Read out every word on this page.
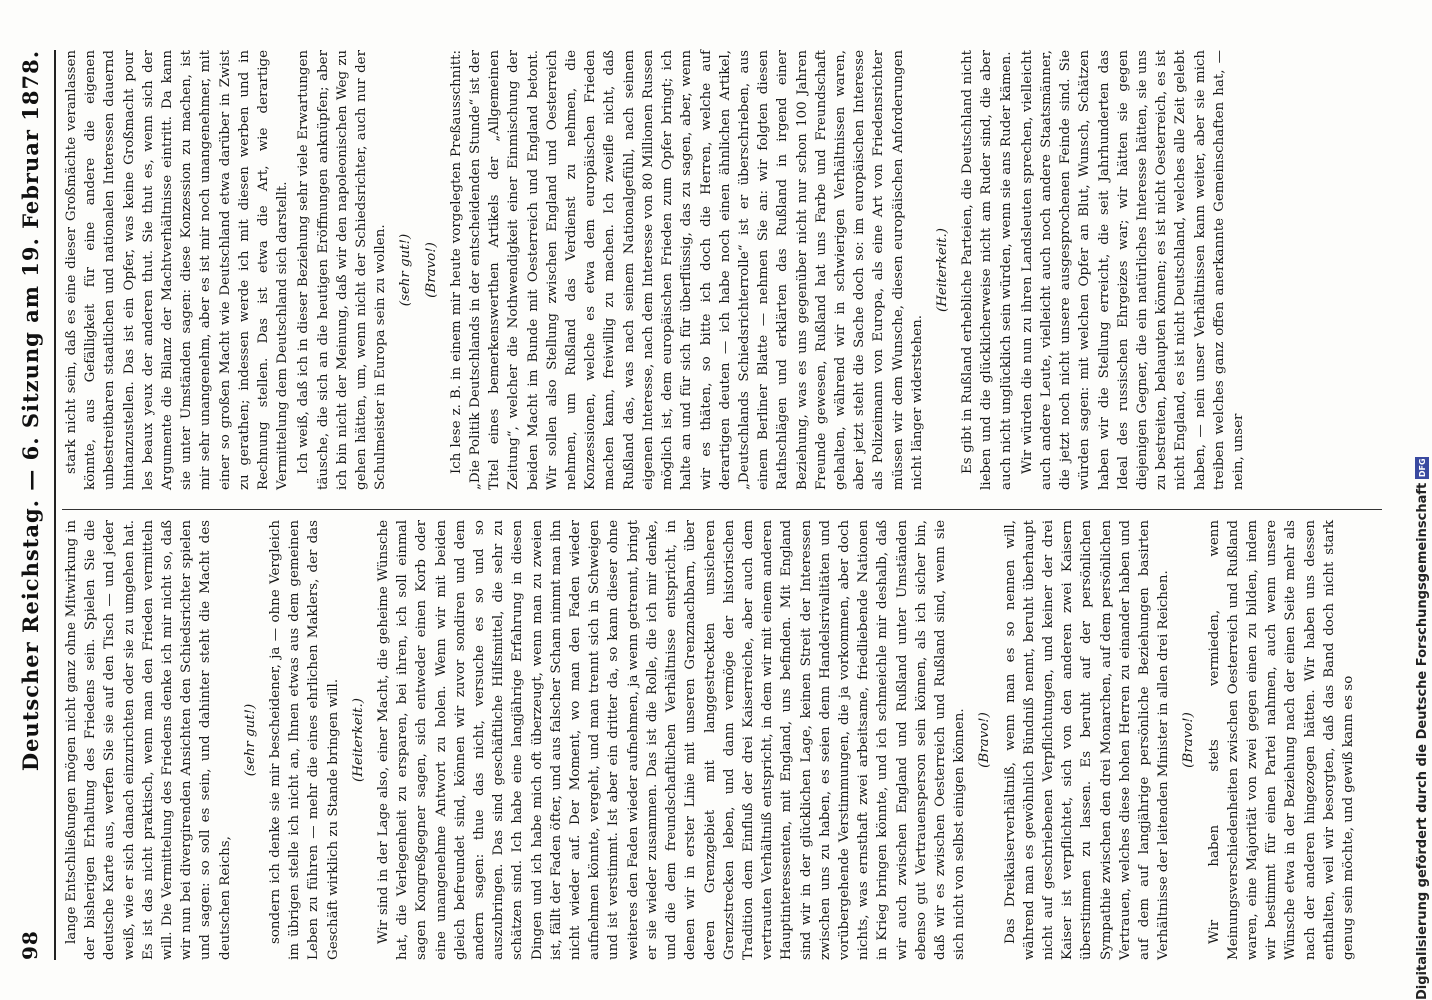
98
Deutscher Reichstag. — 6. Sitzung am 19. Februar 1878. lange Entschließungen mögen nicht ganz ohne Mitwirkung in der bisherigen Erhaltung des Friedens sein. Spielen Sie die deutsche Karte aus, werfen Sie sie auf den Tisch — und jeder weiß, wie er sich danach einzurichten oder sie zu umgehen hat. Es ist das nicht praktisch, wenn man den Frieden vermitteln will. Die Vermittelung des Friedens denke ich mir nicht so, daß wir nun bei divergirenden Ansichten den Schiedsrichter spielen und sagen: so soll es sein, und dahinter steht die Macht des deutschen Reichs,

(sehr gut!) sondern ich denke sie mir bescheidener, ja — ohne Vergleich im übrigen stelle ich nicht an, Ihnen etwas aus dem gemeinen Leben zu führen — mehr die eines ehrlichen Maklers, der das Geschäft wirklich zu Stande bringen will. (Heiterkeit.) Wir sind in der Lage also, einer Macht, die geheime Wünsche hat, die Verlegenheit zu ersparen, bei ihren, ich soll einmal sagen Kongreßgegner sagen, sich entweder einen Korb oder eine unangenehme Antwort zu holen. Wenn wir mit beiden gleich befreundet sind, können wir zuvor sondiren und dem andern sagen: thue das nicht, versuche es so und so auszubringen. Das sind geschäftliche Hilfsmittel, die sehr zu schätzen sind. Ich habe eine langjährige Erfahrung in diesen Dingen und ich habe mich oft überzeugt, wenn man zu zweien ist, fällt der Faden öfter, und aus falscher Scham nimmt man ihn nicht wieder auf. Der Moment, wo man den Faden wieder aufnehmen könnte, vergeht, und man trennt sich in Schweigen und ist verstimmt. Ist aber ein dritter da, so kann dieser ohne weiteres den Faden wieder aufnehmen, ja wenn getrennt, bringt er sie wieder zusammen. Das ist die Rolle, die ich mir denke, und die dem freundschaftlichen Verhältnisse entspricht, in denen wir in erster Linie mit unseren Grenznachbarn, über deren Grenzgebiet mit langgestreckten unsicheren Grenzstrecken leben, und dann vermöge der historischen Tradition dem Einfluß der drei Kaiserreiche, aber auch dem vertrauten Verhältniß entspricht, in dem wir mit einem anderen Hauptinteressenten, mit England, uns befinden. Mit England sind wir in der glücklichen Lage, keinen Streit der Interessen zwischen uns zu haben, es seien denn Handelsrivalitäten und vorübergehende Verstimmungen, die ja vorkommen, aber doch nichts, was ernsthaft zwei arbeitsame, friedliebende Nationen in Krieg bringen könnte, und ich schmeichle mir deshalb, daß wir auch zwischen England und Rußland unter Umständen ebenso gut Vertrauensperson sein können, als ich sicher bin, daß wir es zwischen Oesterreich und Rußland sind, wenn sie sich nicht von selbst einigen können. (Bravo!) Das Dreikaiserverhältniß, wenn man es so nennen will, während man es gewöhnlich Bündniß nennt, beruht überhaupt nicht auf geschriebenen Verpflichtungen, und keiner der drei Kaiser ist verpflichtet, sich von den anderen zwei Kaisern überstimmen zu lassen. Es beruht auf der persönlichen Sympathie zwischen den drei Monarchen, auf dem persönlichen Vertrauen, welches diese hohen Herren zu einander haben und auf dem auf langjährige persönliche Beziehungen basirten Verhältnisse der leitenden Minister in allen drei Reichen. (Bravo!) Wir haben stets vermieden, wenn Meinungsverschiedenheiten zwischen Oesterreich und Rußland waren, eine Majorität von zwei gegen einen zu bilden, indem wir bestimmt für einen Partei nahmen, auch wenn unsere Wünsche etwa in der Beziehung nach der einen Seite mehr als nach der anderen hingezogen hätten. Wir haben uns dessen enthalten, weil wir besorgten, daß das Band doch nicht stark genug sein möchte, und gewiß kann es so

stark nicht sein, daß es eine dieser Großmächte veranlassen könnte, aus Gefälligkeit für eine andere die eigenen unbestreitbaren staatlichen und nationalen Interessen dauernd hintanzustellen. Das ist ein Opfer, was keine Großmacht pour les beaux yeux der anderen thut. Sie thut es, wenn sich der Argumente die Bilanz der Machtverhältnisse eintritt. Da kann sie unter Umständen sagen: diese Konzession zu machen, ist mir sehr unangenehm, aber es ist mir noch unangenehmer, mit einer so großen Macht wie Deutschland etwa darüber in Zwist zu gerathen; indessen werde ich mit diesen werben und in Rechnung stellen. Das ist etwa die Art, wie derartige Vermittelung dem Deutschland sich darstellt. Ich weiß, daß ich in dieser Beziehung sehr viele Erwartungen täusche, die sich an die heutigen Eröffnungen anknüpfen; aber ich bin nicht der Meinung, daß wir den napoleonischen Weg zu gehen hätten, um, wenn nicht der Schiedsrichter, auch nur der Schulmeister in Europa sein zu wollen. (sehr gut!) (Bravo!) Ich lese z. B. in einem mir heute vorgelegten Preßausschnitt: „Die Politik Deutschlands in der entscheidenden Stunde“ ist der Titel eines bemerkenswerthen Artikels der „Allgemeinen Zeitung“, welcher die Nothwendigkeit einer Einmischung der beiden Macht im Bunde mit Oesterreich und England betont. Wir sollen also Stellung zwischen England und Oesterreich nehmen, um Rußland das Verdienst zu nehmen, die Konzessionen, welche es etwa dem europäischen Frieden machen kann, freiwillig zu machen. Ich zweifle nicht, daß Rußland das, was nach seinem Nationalgefühl, nach seinem eigenen Interesse, nach dem Interesse von 80 Millionen Russen möglich ist, dem europäischen Frieden zum Opfer bringt; ich halte an und für sich für überflüssig, das zu sagen, aber, wenn wir es thäten, so bitte ich doch die Herren, welche auf derartigen deuten — ich habe noch einen ähnlichen Artikel, „Deutschlands Schiedsrichterrolle“ ist er überschrieben, aus einem Berliner Blatte — nehmen Sie an: wir folgten diesen Rathschlägen und erklärten das Rußland in irgend einer Beziehung, was es uns gegenüber nicht nur schon 100 Jahren Freunde gewesen, Rußland hat uns Farbe und Freundschaft gehalten, während wir in schwierigen Verhältnissen waren, aber jetzt steht die Sache doch so: im europäischen Interesse als Polizeimann von Europa, als eine Art von Friedensrichter müssen wir dem Wunsche, diesen europäischen Anforderungen nicht länger widerstehen.

(Heiterkeit.) Es gibt in Rußland erhebliche Parteien, die Deutschland nicht lieben und die glücklicherweise nicht am Ruder sind, die aber auch nicht unglücklich sein würden, wenn sie ans Ruder kämen. Wir würden die nun zu ihren Landsleuten sprechen, vielleicht auch andere Leute, vielleicht auch noch andere Staatsmänner, die jetzt noch nicht unsere ausgesprochenen Feinde sind. Sie würden sagen: mit welchen Opfer an Blut, Wunsch, Schätzen haben wir die Stellung erreicht, die seit Jahrhunderten das Ideal des russischen Ehrgeizes war; wir hätten sie gegen diejenigen Gegner, die ein natürliches Interesse hätten, sie uns zu bestreiten, behaupten können; es ist nicht Oesterreich, es ist nicht England, es ist nicht Deutschland, welches alle Zeit gelebt haben, — nein unser Verhältnissen kann weiter, aber sie mich treiben welches ganz offen anerkannte Gemeinschaften hat, — nein, unser

Digitalisierung gefördert durch die Deutsche Forschungsgemeinschaft
DFG
